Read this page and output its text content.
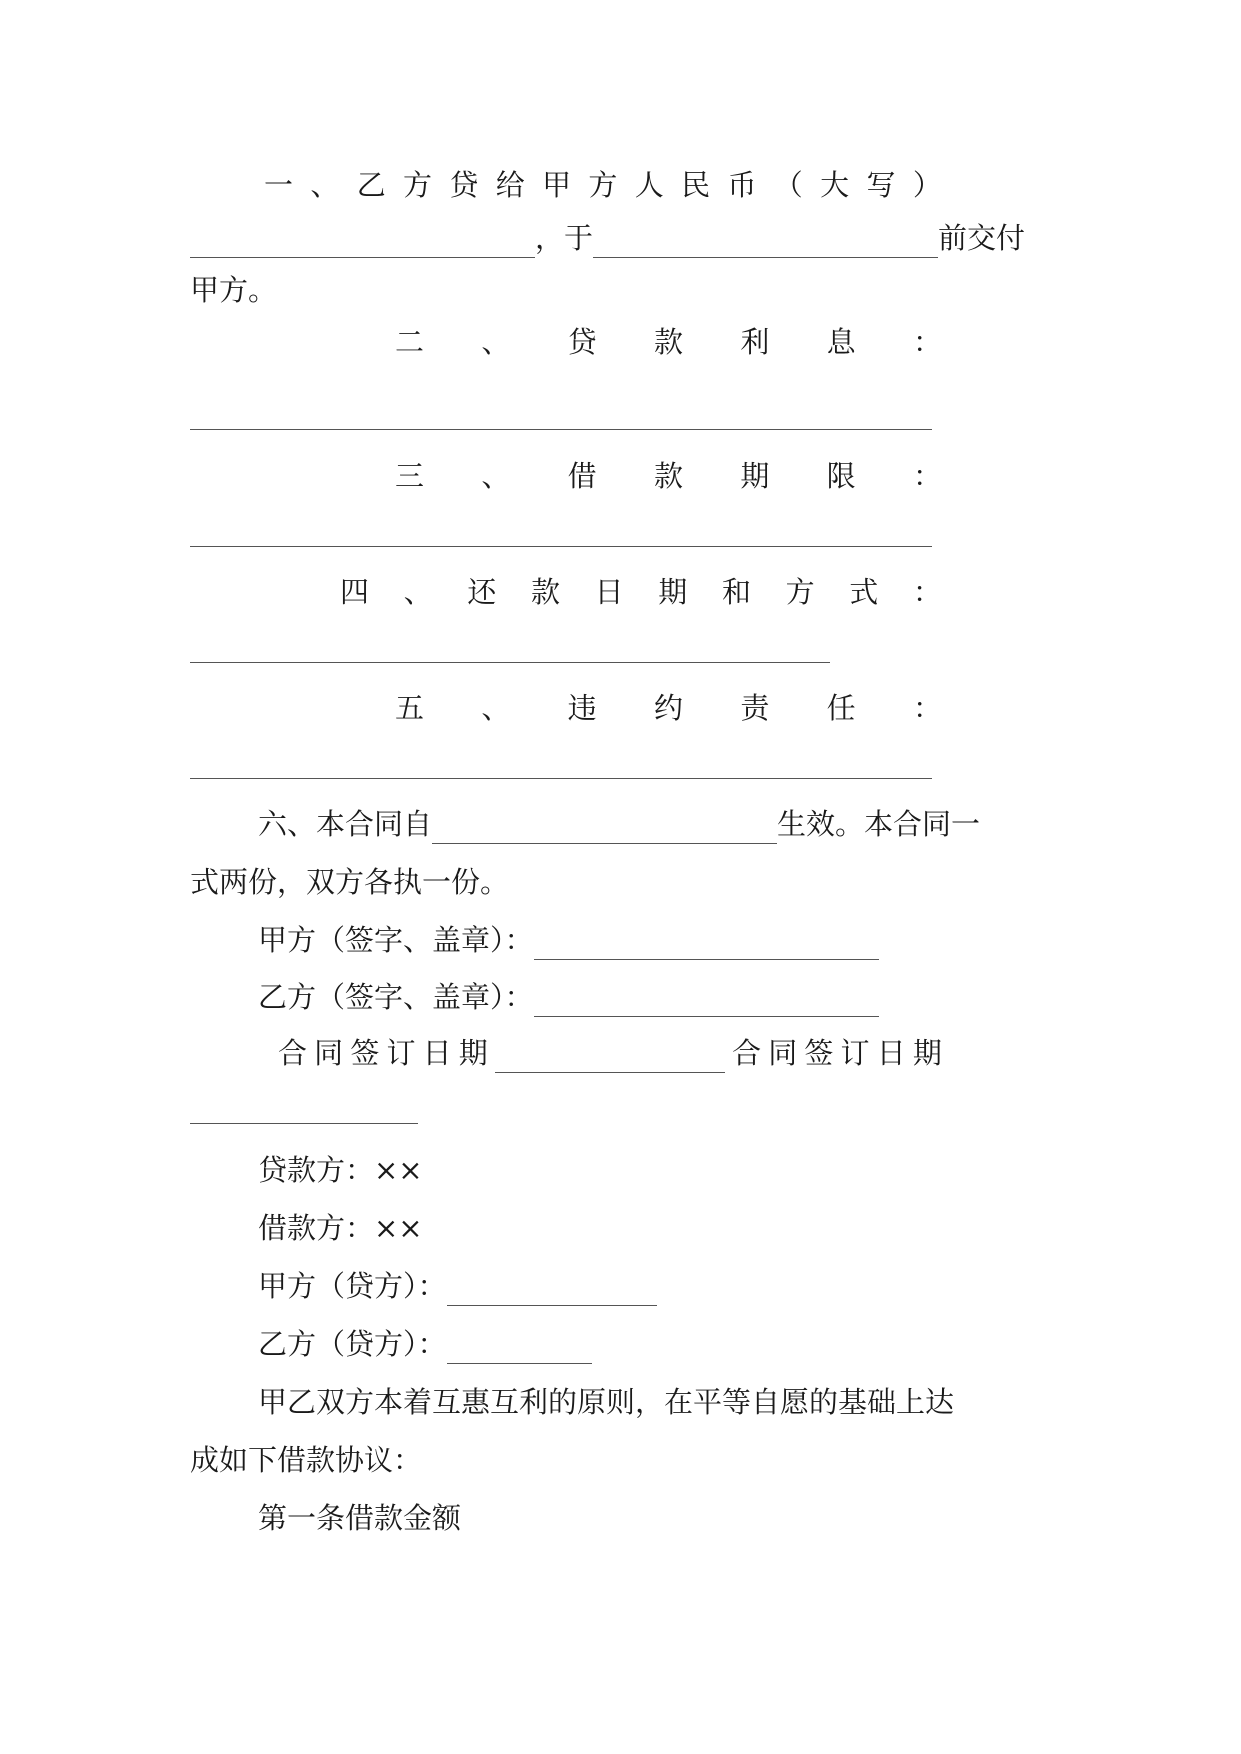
一 、 乙 方 贷 给 甲 方 人 民 币 （ 大 写 ）
，于	前交付
甲方。
二 、 贷 款 利 息 ：
三 、 借 款 期 限 ：
四 、 还 款 日 期 和 方 式 ：
五 、 违 约 责 任 ：
六、本合同自	生效。本合同一
式两份，双方各执一份。
甲方（签字、盖章）：
乙方（签字、盖章）：
合 同 签 订 日 期	合 同 签 订 日 期
贷款方：××
借款方：××
甲方（贷方）：
乙方（贷方）：
甲乙双方本着互惠互利的原则，在平等自愿的基础上达
成如下借款协议：
第一条借款金额
